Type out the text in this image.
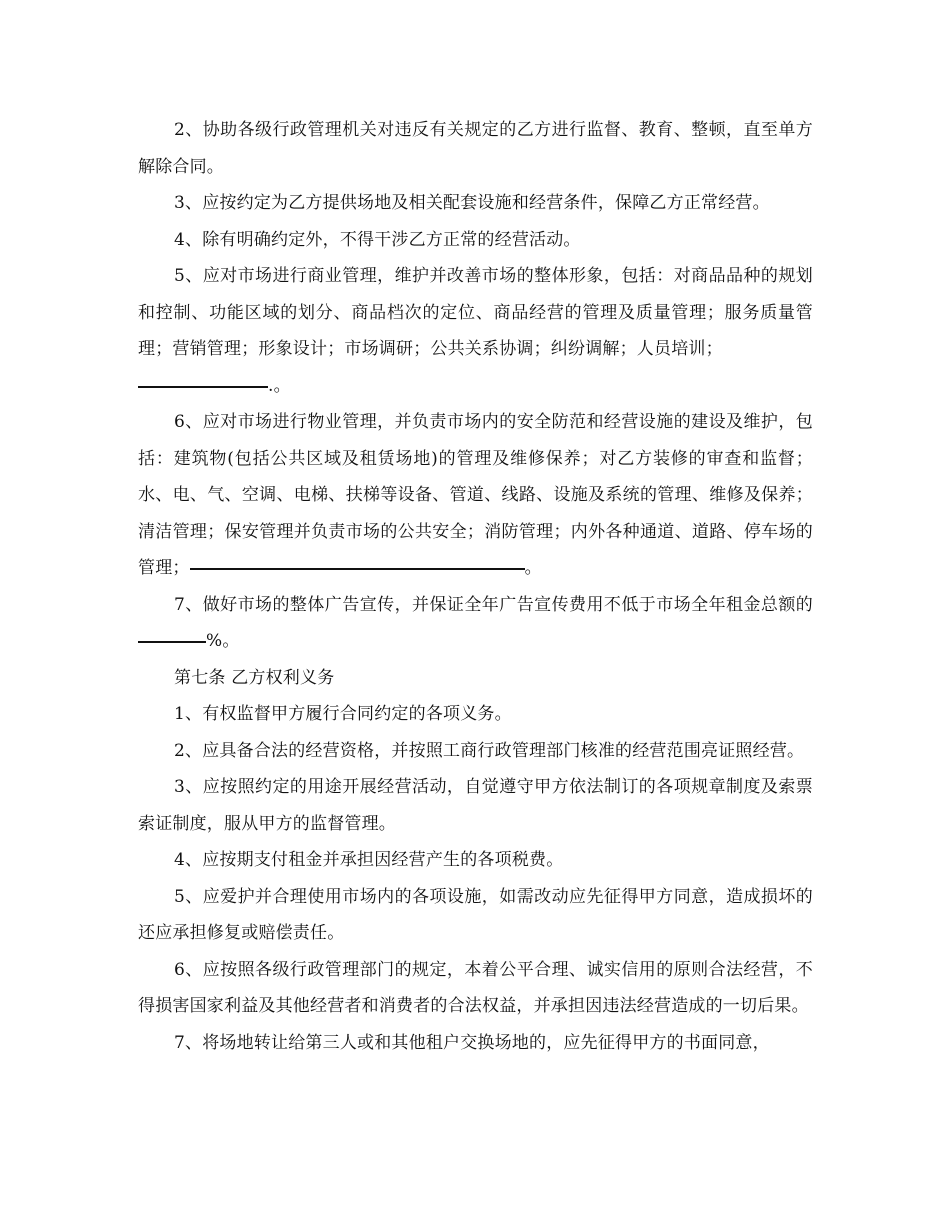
2、协助各级行政管理机关对违反有关规定的乙方进行监督、教育、整顿，直至单方解除合同。

3、应按约定为乙方提供场地及相关配套设施和经营条件，保障乙方正常经营。

4、除有明确约定外，不得干涉乙方正常的经营活动。

5、应对市场进行商业管理，维护并改善市场的整体形象，包括：对商品品种的规划和控制、功能区域的划分、商品档次的定位、商品经营的管理及质量管理；服务质量管理；营销管理；形象设计；市场调研；公共关系协调；纠纷调解；人员培训；
.。

6、应对市场进行物业管理，并负责市场内的安全防范和经营设施的建设及维护，包括：建筑物(包括公共区域及租赁场地)的管理及维修保养；对乙方装修的审查和监督；水、电、气、空调、电梯、扶梯等设备、管道、线路、设施及系统的管理、维修及保养；清洁管理；保安管理并负责市场的公共安全；消防管理；内外各种通道、道路、停车场的管理；	。

7、做好市场的整体广告宣传，并保证全年广告宣传费用不低于市场全年租金总额的%。

第七条 乙方权利义务

1、有权监督甲方履行合同约定的各项义务。

2、应具备合法的经营资格，并按照工商行政管理部门核准的经营范围亮证照经营。

3、应按照约定的用途开展经营活动，自觉遵守甲方依法制订的各项规章制度及索票索证制度，服从甲方的监督管理。

4、应按期支付租金并承担因经营产生的各项税费。

5、应爱护并合理使用市场内的各项设施，如需改动应先征得甲方同意，造成损坏的还应承担修复或赔偿责任。

6、应按照各级行政管理部门的规定，本着公平合理、诚实信用的原则合法经营，不得损害国家利益及其他经营者和消费者的合法权益，并承担因违法经营造成的一切后果。

7、将场地转让给第三人或和其他租户交换场地的，应先征得甲方的书面同意，
